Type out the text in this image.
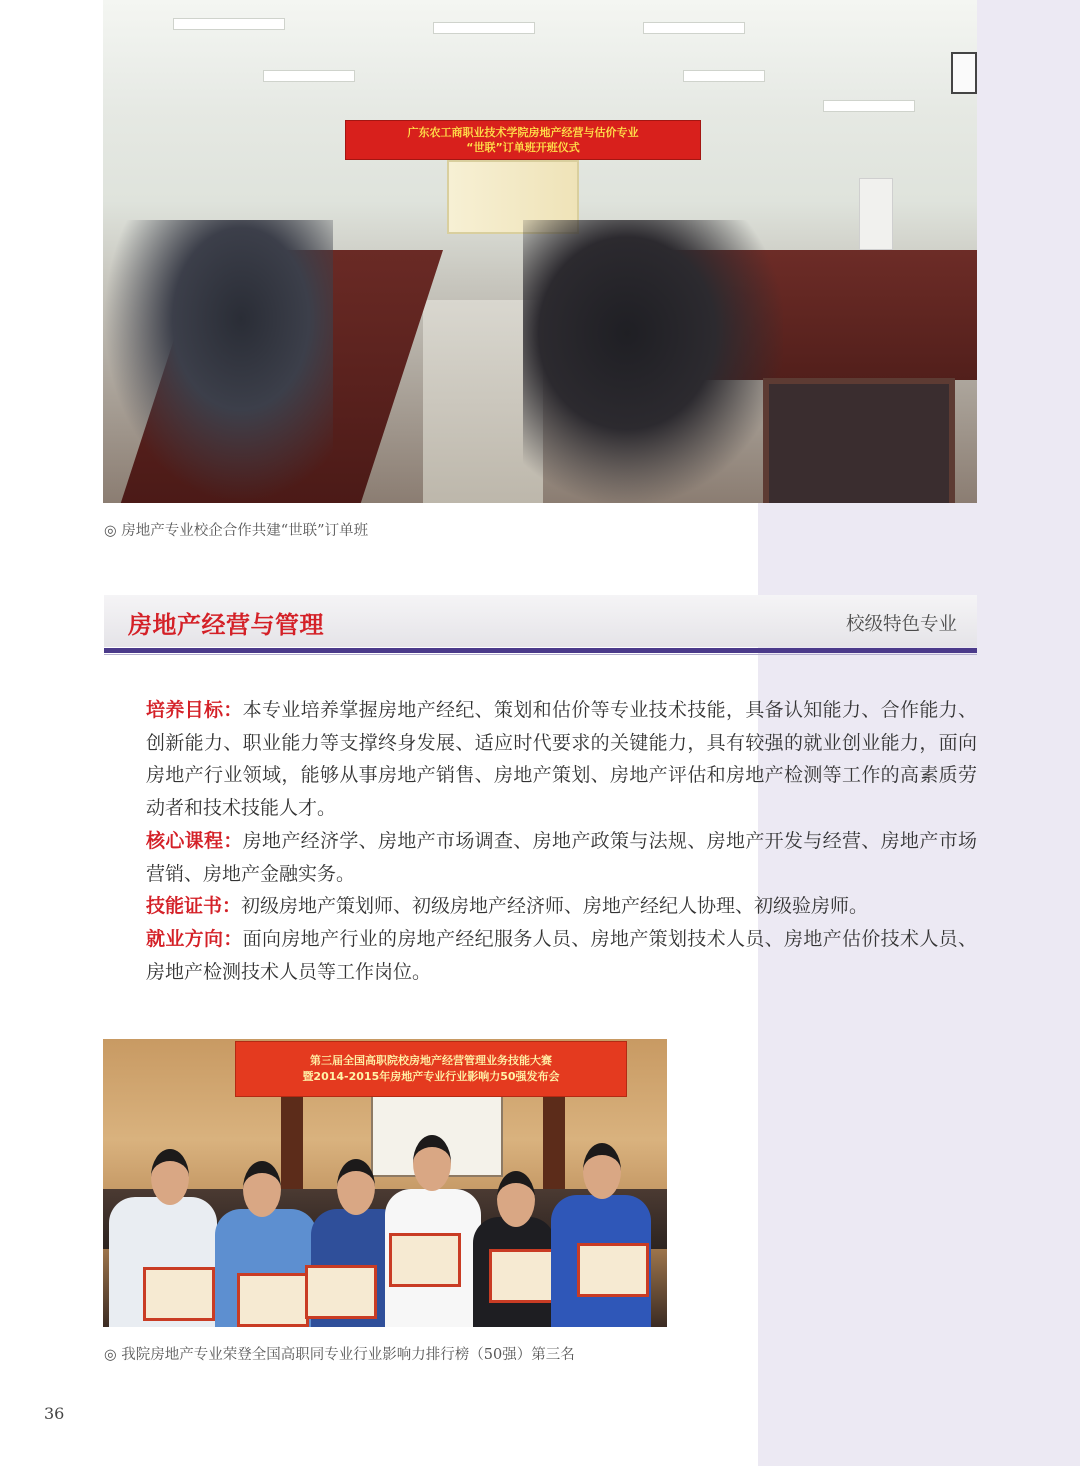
广东农工商职业技术学院房地产经营与估价专业
“世联”订单班开班仪式
◎ 房地产专业校企合作共建“世联”订单班
房地产经营与管理	校级特色专业

培养目标：本专业培养掌握房地产经纪、策划和估价等专业技术技能，具备认知能力、合作能力、创新能力、职业能力等支撑终身发展、适应时代要求的关键能力，具有较强的就业创业能力，面向房地产行业领域，能够从事房地产销售、房地产策划、房地产评估和房地产检测等工作的高素质劳动者和技术技能人才。

核心课程：房地产经济学、房地产市场调查、房地产政策与法规、房地产开发与经营、房地产市场营销、房地产金融实务。

技能证书：初级房地产策划师、初级房地产经济师、房地产经纪人协理、初级验房师。

就业方向：面向房地产行业的房地产经纪服务人员、房地产策划技术人员、房地产估价技术人员、房地产检测技术人员等工作岗位。

第三届全国高职院校房地产经营管理业务技能大赛
暨2014-2015年房地产专业行业影响力50强发布会
◎ 我院房地产专业荣登全国高职同专业行业影响力排行榜（50强）第三名
36
